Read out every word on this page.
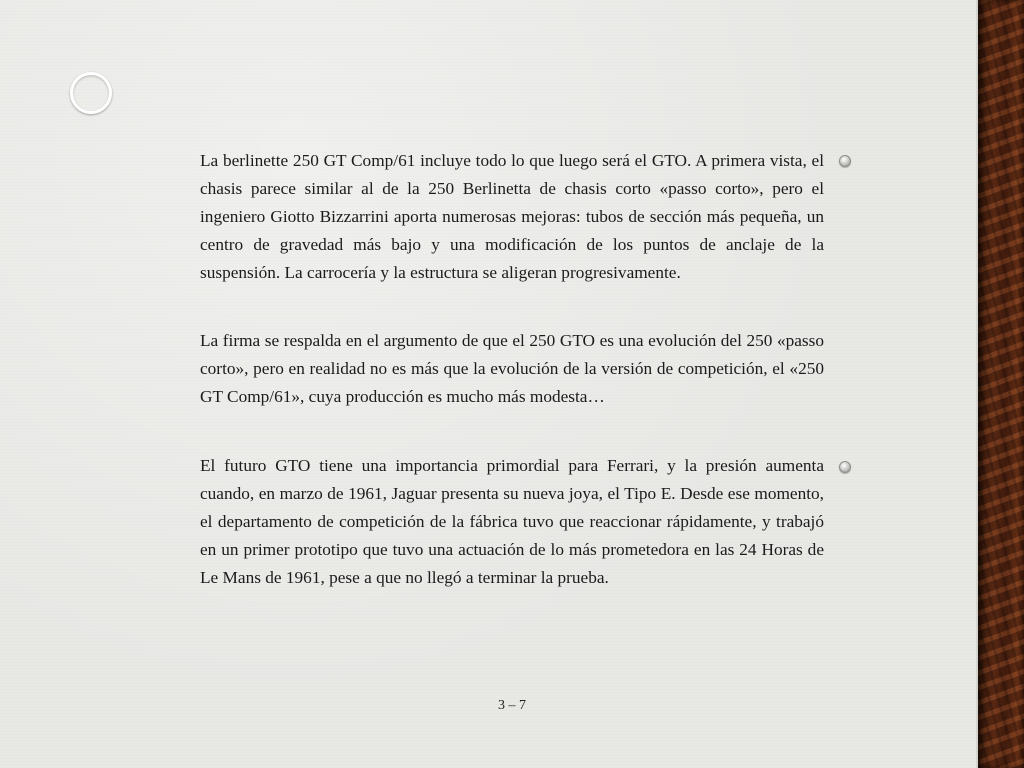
La berlinette 250 GT Comp/61 incluye todo lo que luego será el GTO. A primera vista, el chasis parece similar al de la 250 Berlinetta de chasis corto «passo corto», pero el ingeniero Giotto Bizzarrini aporta numerosas mejoras: tubos de sección más pequeña, un centro de gravedad más bajo y una modificación de los puntos de anclaje de la suspensión. La carrocería y la estructura se aligeran progresivamente.

La firma se respalda en el argumento de que el 250 GTO es una evolución del 250 «passo corto», pero en realidad no es más que la evolución de la versión de competición, el «250 GT Comp/61», cuya producción es mucho más modesta…

El futuro GTO tiene una importancia primordial para Ferrari, y la presión aumenta cuando, en marzo de 1961, Jaguar presenta su nueva joya, el Tipo E. Desde ese momento, el departamento de competición de la fábrica tuvo que reaccionar rápidamente, y trabajó en un primer prototipo que tuvo una actuación de lo más prometedora en las 24 Horas de Le Mans de 1961, pese a que no llegó a terminar la prueba.

3 – 7
